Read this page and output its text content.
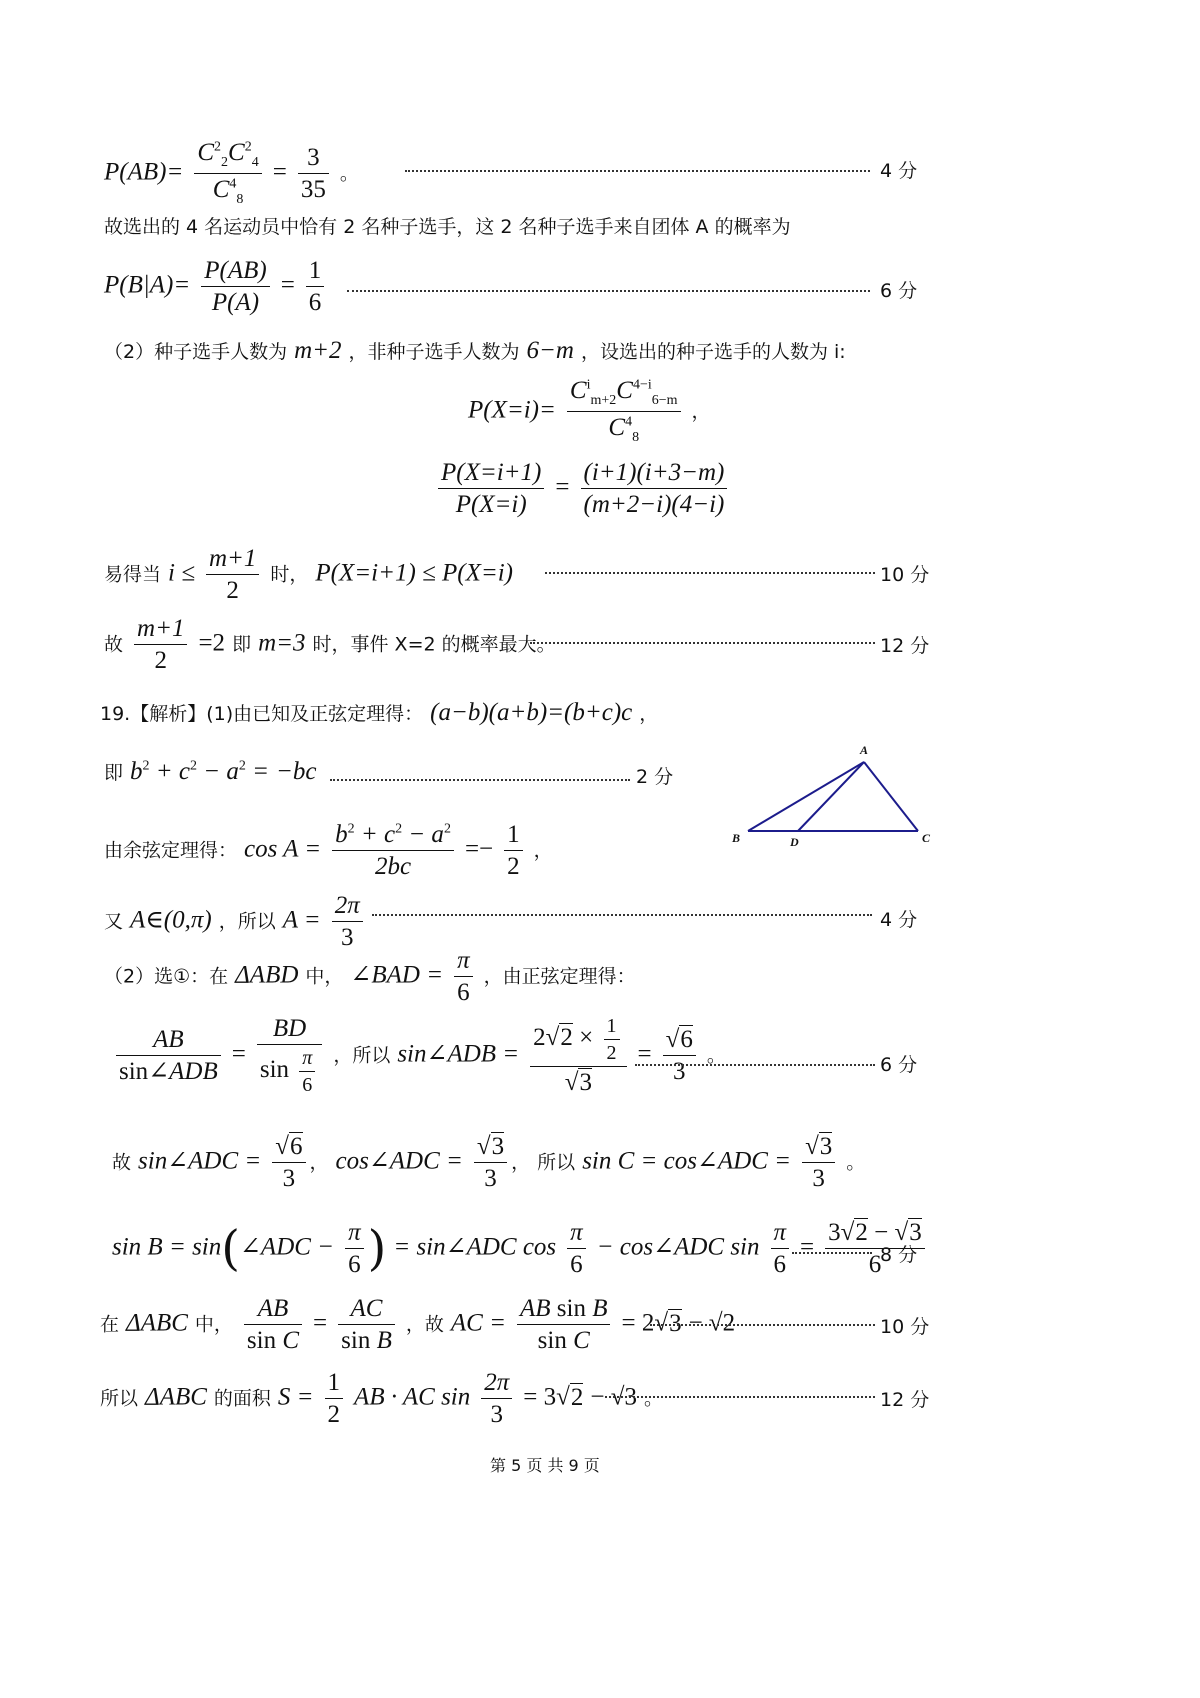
$P(AB)= \frac{C^2_2C^2_4}{C^4_8} = \frac{3}{35}$ 。	4 分
故选出的 4 名运动员中恰有 2 名种子选手，这 2 名种子选手来自团体 A 的概率为
$P(B|A)= \frac{P(AB)}{P(A)} = \frac{1}{6}$	6 分
（2）种子选手人数为 m+2 ，非种子选手人数为 6−m ，设选出的种子选手的人数为 i:
P(X=i)=
$C^i_{m+2}C^{4-i}_{6-m}$
$C^4_8$
，
$\frac{P(X=i+1)}{P(X=i)} = \frac{(i+1)(i+3-m)}{(m+2-i)(4-i)}$
易得当 $i \le \frac{m+1}{2}$ 时， P(X=i+1) ≤ P(X=i)	10 分
故 $\frac{m+1}{2} =2$ 即 m=3 时，事件 X=2 的概率最大。	12 分
19.【解析】(1)由已知及正弦定理得： (a−b)(a+b)=(b+c)c ，
即 $b^2 + c^2 - a^2 = -bc$	2 分
由余弦定理得： $\cos A = \frac{b^2 + c^2 - a^2}{2bc} =- \frac{1}{2}$ ，
又 A∈(0,π) ，所以 $A = \frac{2\pi}{3}$	4 分
A
B	D	C
（2）选①：在 ΔABD 中， ∠BAD = $\frac{\pi}{6}$ ，由正弦定理得：
AB
sin∠ADB
= $\frac{BD}{\sin \frac{\pi}{6}}$ ，所以 sin∠ADB = $\frac{2√2 \times \frac{1}{2}}{√3} = \frac{√6}{3}$ 。	6 分
故 sin∠ADC = $\frac{√6}{3}$ ， cos∠ADC = $\frac{√3}{3}$ ， 所以 sin C = cos∠ADC = $\frac{√3}{3}$ 。
sin B = sin(∠ADC − $\frac{\pi}{6}$ ) = sin∠ADC $\cos \frac{\pi}{6}$ − cos∠ADC $\sin \frac{\pi}{6} = \frac{3√2 - √3}{6}$
8 分
在 ΔABC 中， $\frac{AB}{\text{sin C}} = \frac{AC}{\text{sin B}}$ ，故 AC = $\frac{\text{AB sin B}}{\text{sin C}} = 2√3 - √2$	10 分
所以 ΔABC 的面积 $S = \frac{1}{2}$ AB · AC $\sin \frac{2\pi}{3} = 3√2 - √3$ 。	12 分
第 5 页 共 9 页
